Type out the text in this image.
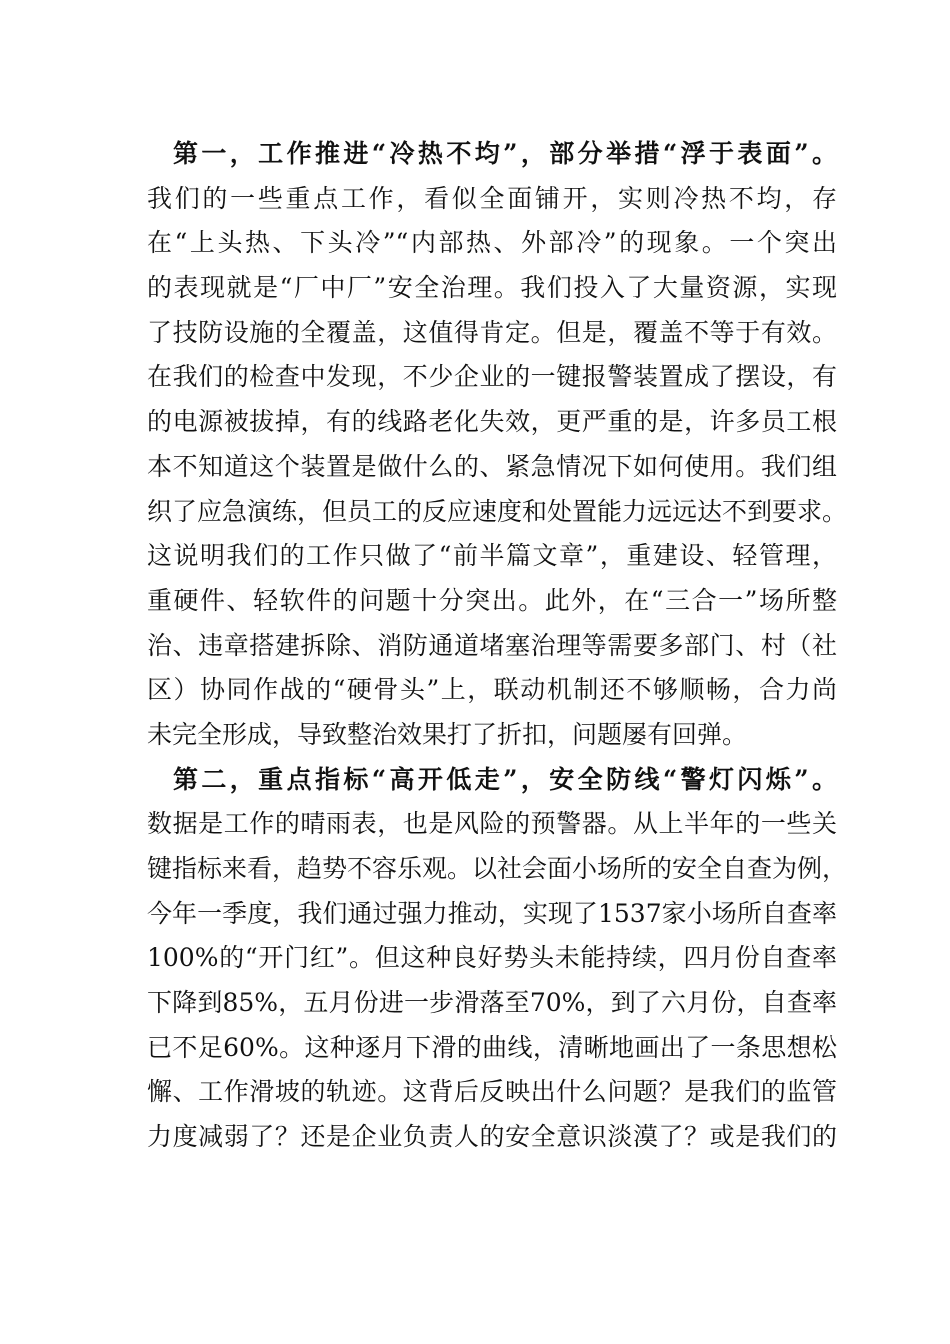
第一，工作推进“冷热不均”，部分举措“浮于表面”。
我们的一些重点工作，看似全面铺开，实则冷热不均，存
在“上头热、下头冷”“内部热、外部冷”的现象。一个突出
的表现就是“厂中厂”安全治理。我们投入了大量资源，实现
了技防设施的全覆盖，这值得肯定。但是，覆盖不等于有效。
在我们的检查中发现，不少企业的一键报警装置成了摆设，有
的电源被拔掉，有的线路老化失效，更严重的是，许多员工根
本不知道这个装置是做什么的、紧急情况下如何使用。我们组
织了应急演练，但员工的反应速度和处置能力远远达不到要求。
这说明我们的工作只做了“前半篇文章”，重建设、轻管理，
重硬件、轻软件的问题十分突出。此外，在“三合一”场所整
治、违章搭建拆除、消防通道堵塞治理等需要多部门、村（社
区）协同作战的“硬骨头”上，联动机制还不够顺畅，合力尚
未完全形成，导致整治效果打了折扣，问题屡有回弹。
第二，重点指标“高开低走”，安全防线“警灯闪烁”。
数据是工作的晴雨表，也是风险的预警器。从上半年的一些关
键指标来看，趋势不容乐观。以社会面小场所的安全自查为例，
今年一季度，我们通过强力推动，实现了1537家小场所自查率
100%的“开门红”。但这种良好势头未能持续，四月份自查率
下降到85%，五月份进一步滑落至70%，到了六月份，自查率
已不足60%。这种逐月下滑的曲线，清晰地画出了一条思想松
懈、工作滑坡的轨迹。这背后反映出什么问题？是我们的监管
力度减弱了？还是企业负责人的安全意识淡漠了？或是我们的
